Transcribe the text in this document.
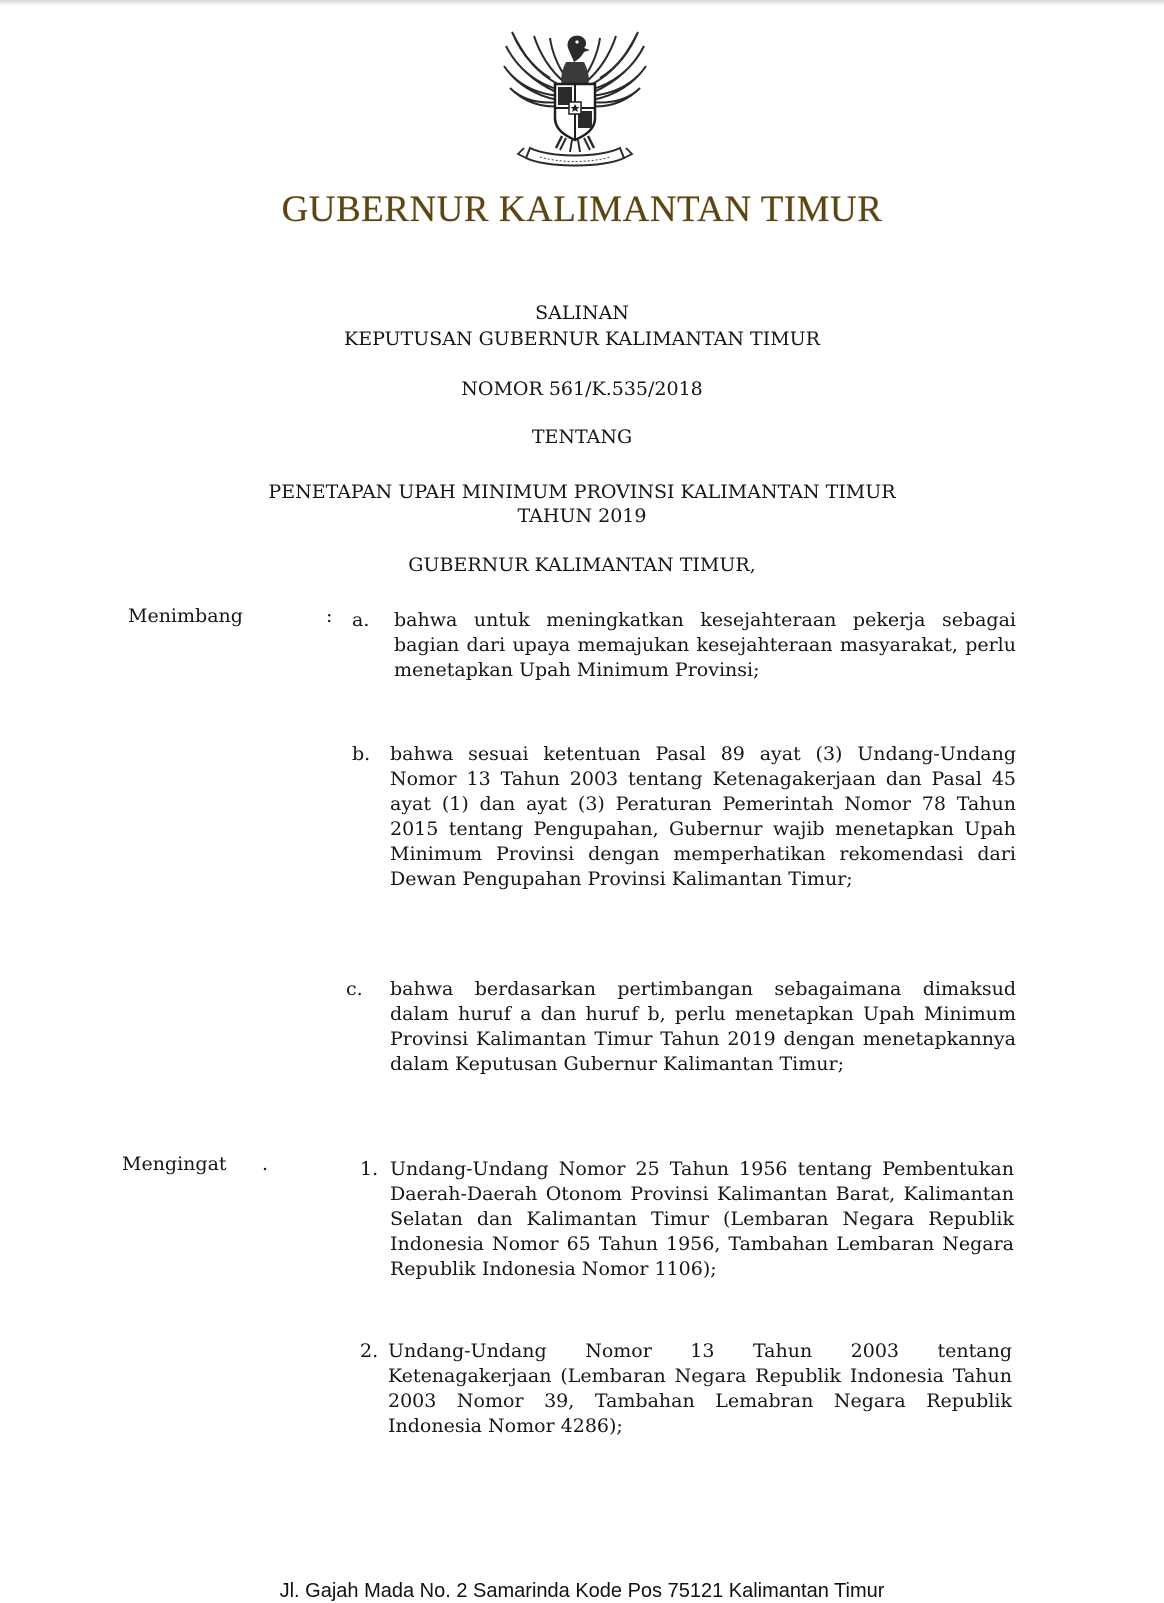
GUBERNUR KALIMANTAN TIMUR
SALINAN
KEPUTUSAN GUBERNUR KALIMANTAN TIMUR
NOMOR 561/K.535/2018
TENTANG
PENETAPAN UPAH MINIMUM PROVINSI KALIMANTAN TIMUR
TAHUN 2019
GUBERNUR KALIMANTAN TIMUR,
Menimbang	: a. bahwa untuk meningkatkan kesejahteraan pekerja sebagai bagian dari upaya memajukan kesejahteraan masyarakat, perlu menetapkan Upah Minimum Provinsi;

b. bahwa sesuai ketentuan Pasal 89 ayat (3) Undang-Undang Nomor 13 Tahun 2003 tentang Ketenagakerjaan dan Pasal 45 ayat (1) dan ayat (3) Peraturan Pemerintah Nomor 78 Tahun 2015 tentang Pengupahan, Gubernur wajib menetapkan Upah Minimum Provinsi dengan memperhatikan rekomendasi dari Dewan Pengupahan Provinsi Kalimantan Timur;

c. bahwa berdasarkan pertimbangan sebagaimana dimaksud dalam huruf a dan huruf b, perlu menetapkan Upah Minimum Provinsi Kalimantan Timur Tahun 2019 dengan menetapkannya dalam Keputusan Gubernur Kalimantan Timur;

Mengingat .	1. Undang-Undang Nomor 25 Tahun 1956 tentang Pembentukan Daerah-Daerah Otonom Provinsi Kalimantan Barat, Kalimantan Selatan dan Kalimantan Timur (Lembaran Negara Republik Indonesia Nomor 65 Tahun 1956, Tambahan Lembaran Negara Republik Indonesia Nomor 1106);

2. Undang-Undang Nomor 13 Tahun 2003 tentang Ketenagakerjaan (Lembaran Negara Republik Indonesia Tahun 2003 Nomor 39, Tambahan Lemabran Negara Republik Indonesia Nomor 4286);

Jl. Gajah Mada No. 2 Samarinda Kode Pos 75121 Kalimantan Timur
